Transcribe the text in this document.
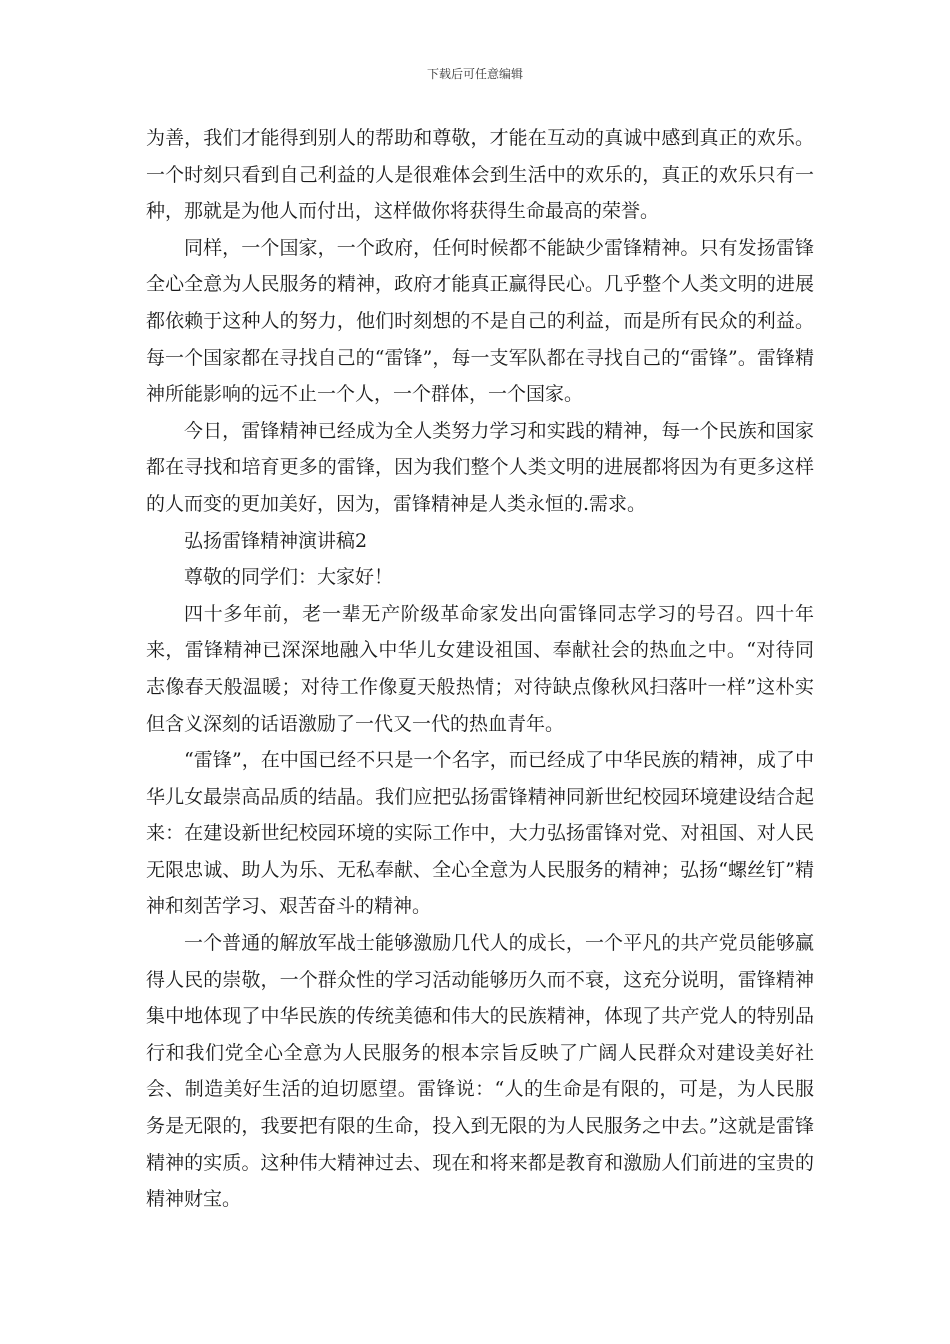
下载后可任意编辑

为善，我们才能得到别人的帮助和尊敬，才能在互动的真诚中感到真正的欢乐。一个时刻只看到自己利益的人是很难体会到生活中的欢乐的，真正的欢乐只有一种，那就是为他人而付出，这样做你将获得生命最高的荣誉。

同样，一个国家，一个政府，任何时候都不能缺少雷锋精神。只有发扬雷锋全心全意为人民服务的精神，政府才能真正赢得民心。几乎整个人类文明的进展都依赖于这种人的努力，他们时刻想的不是自己的利益，而是所有民众的利益。每一个国家都在寻找自己的“雷锋”，每一支军队都在寻找自己的“雷锋”。雷锋精神所能影响的远不止一个人，一个群体，一个国家。

今日，雷锋精神已经成为全人类努力学习和实践的精神，每一个民族和国家都在寻找和培育更多的雷锋，因为我们整个人类文明的进展都将因为有更多这样的人而变的更加美好，因为，雷锋精神是人类永恒的.需求。

弘扬雷锋精神演讲稿2

尊敬的同学们：大家好！

四十多年前，老一辈无产阶级革命家发出向雷锋同志学习的号召。四十年来，雷锋精神已深深地融入中华儿女建设祖国、奉献社会的热血之中。“对待同志像春天般温暖；对待工作像夏天般热情；对待缺点像秋风扫落叶一样”这朴实但含义深刻的话语激励了一代又一代的热血青年。

“雷锋”，在中国已经不只是一个名字，而已经成了中华民族的精神，成了中华儿女最崇高品质的结晶。我们应把弘扬雷锋精神同新世纪校园环境建设结合起来：在建设新世纪校园环境的实际工作中，大力弘扬雷锋对党、对祖国、对人民无限忠诚、助人为乐、无私奉献、全心全意为人民服务的精神；弘扬“螺丝钉”精神和刻苦学习、艰苦奋斗的精神。

一个普通的解放军战士能够激励几代人的成长，一个平凡的共产党员能够赢得人民的崇敬，一个群众性的学习活动能够历久而不衰，这充分说明，雷锋精神集中地体现了中华民族的传统美德和伟大的民族精神，体现了共产党人的特别品行和我们党全心全意为人民服务的根本宗旨反映了广阔人民群众对建设美好社会、制造美好生活的迫切愿望。雷锋说：“人的生命是有限的，可是，为人民服务是无限的，我要把有限的生命，投入到无限的为人民服务之中去。”这就是雷锋精神的实质。这种伟大精神过去、现在和将来都是教育和激励人们前进的宝贵的精神财宝。
